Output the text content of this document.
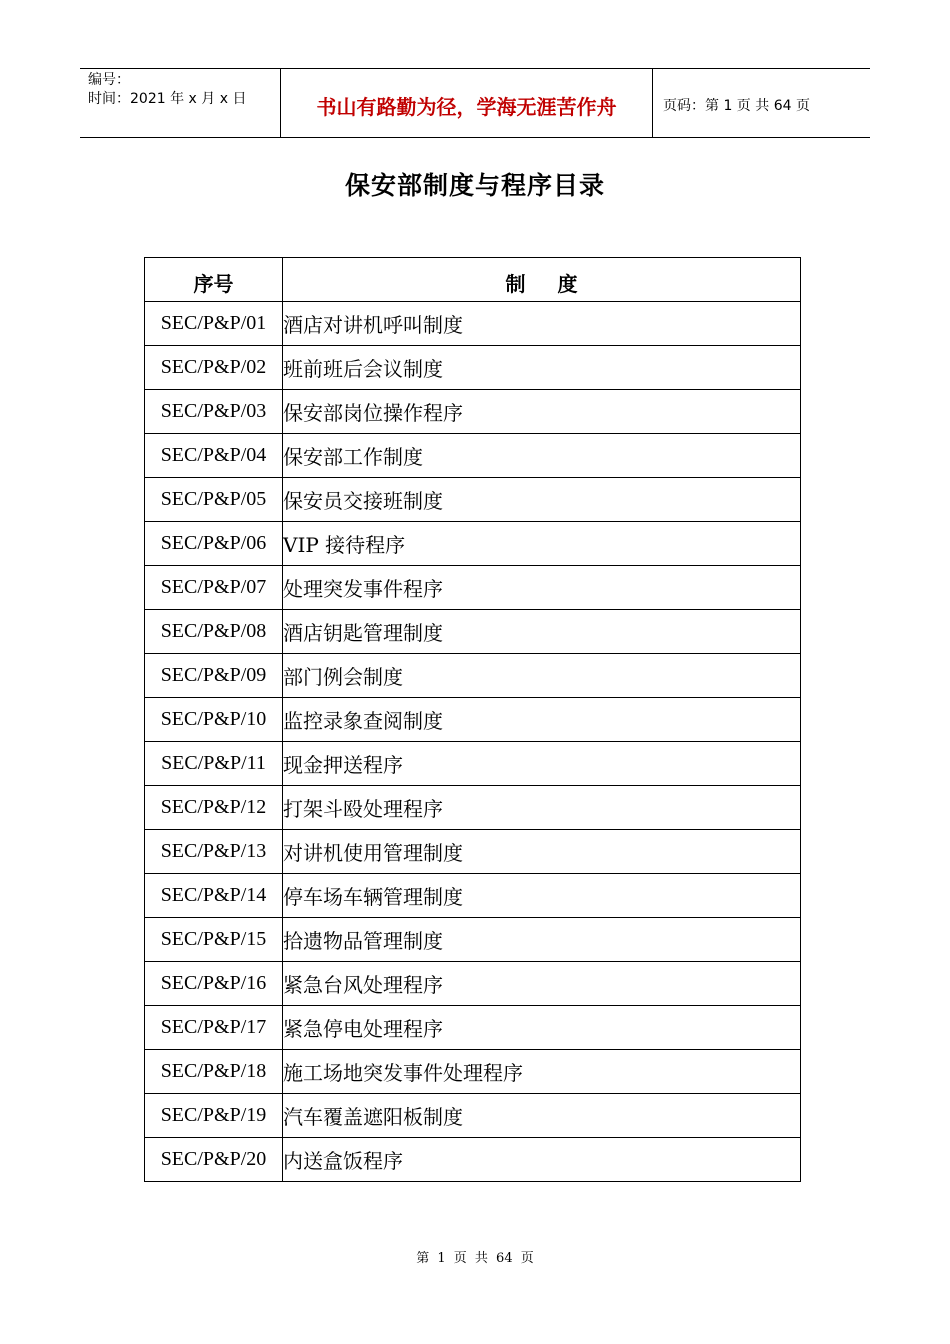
编号：
时间：2021 年 x 月 x 日	书山有路勤为径，学海无涯苦作舟	页码：第 1 页 共 64 页
保安部制度与程序目录
序号	制 度
SEC/P&P/01	酒店对讲机呼叫制度
SEC/P&P/02	班前班后会议制度
SEC/P&P/03	保安部岗位操作程序
SEC/P&P/04	保安部工作制度
SEC/P&P/05	保安员交接班制度
SEC/P&P/06	VIP 接待程序
SEC/P&P/07	处理突发事件程序
SEC/P&P/08	酒店钥匙管理制度
SEC/P&P/09	部门例会制度
SEC/P&P/10	监控录象查阅制度
SEC/P&P/11	现金押送程序
SEC/P&P/12	打架斗殴处理程序
SEC/P&P/13	对讲机使用管理制度
SEC/P&P/14	停车场车辆管理制度
SEC/P&P/15	拾遗物品管理制度
SEC/P&P/16	紧急台风处理程序
SEC/P&P/17	紧急停电处理程序
SEC/P&P/18	施工场地突发事件处理程序
SEC/P&P/19	汽车覆盖遮阳板制度
SEC/P&P/20	内送盒饭程序
第 1 页 共 64 页
